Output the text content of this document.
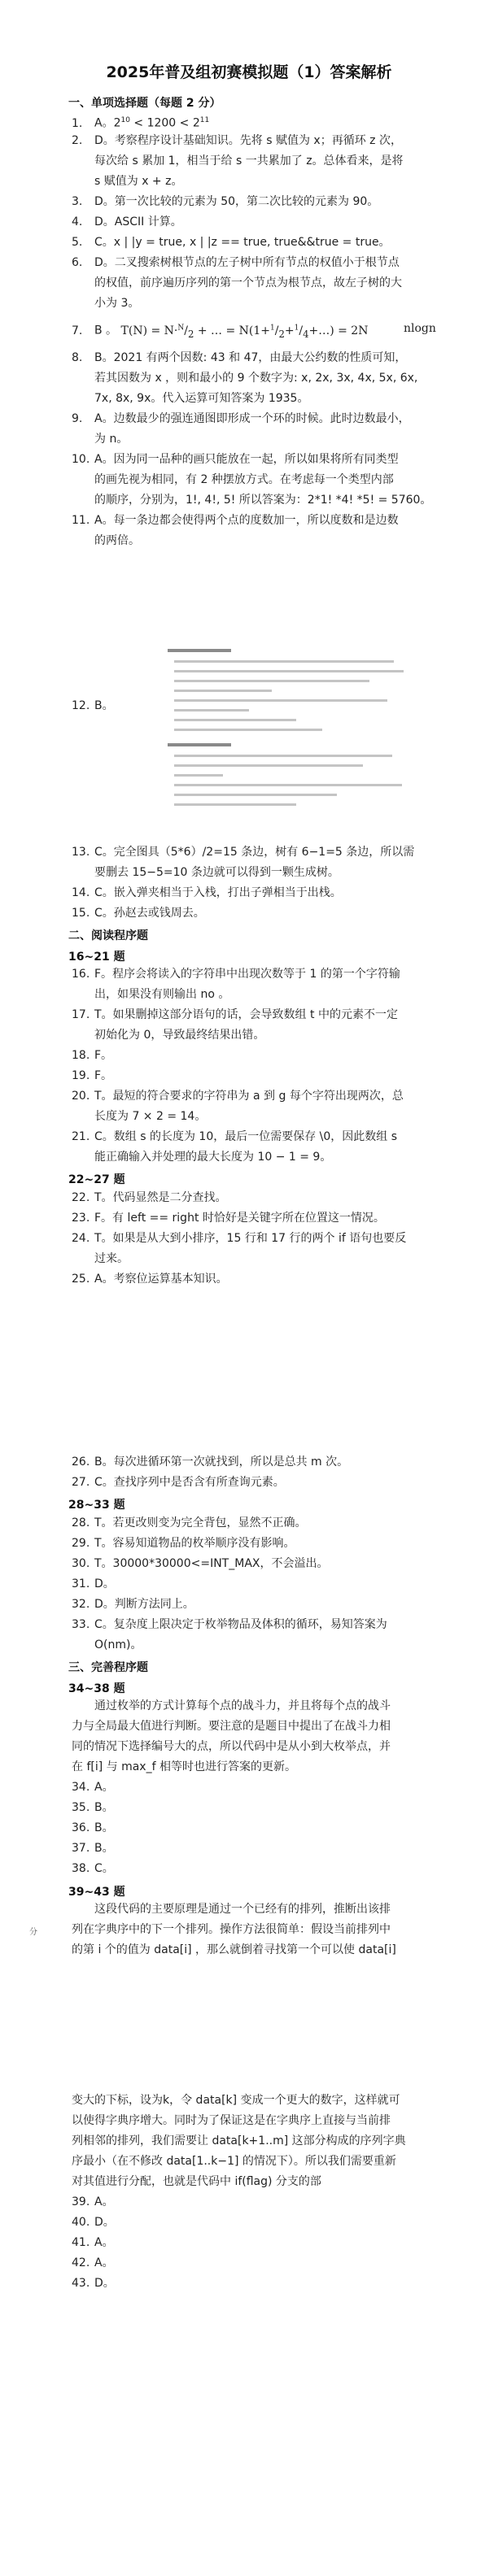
2025年普及组初赛模拟题（1）答案解析
一、单项选择题（每题 2 分）
1. A。$2^{10} < 1200 < 2^{11}$
2. D。考察程序设计基础知识。先将 s 赋值为 x；再循环 z 次，
每次给 s 累加 1，相当于给 s 一共累加了 z。总体看来，是将
s 赋值为 x + z。
3. D。第一次比较的元素为 50，第二次比较的元素为 90。
4. D。ASCII 计算。
5. C。x | |y = true, x | |z == true, true&&true = true。
6. D。二叉搜索树根节点的左子树中所有节点的权值小于根节点
的权值，前序遍历序列的第一个节点为根节点，故左子树的大
小为 3。
7. B 。 $T(N) = N\cdot^N/_2$ + … = $N(1+^1/_2+^1/_4+\dots) = 2N$	nlogn
8. B。2021 有两个因数: 43 和 47，由最大公约数的性质可知，
若其因数为 x ，则和最小的 9 个数字为: x, 2x, 3x, 4x, 5x, 6x,
7x, 8x, 9x。代入运算可知答案为 1935。
9. A。边数最少的强连通图即形成一个环的时候。此时边数最小，
为 n。
10. A。因为同一品种的画只能放在一起，所以如果将所有同类型
的画先视为相同，有 2 种摆放方式。在考虑每一个类型内部
的顺序，分别为，1!, 4!, 5! 所以答案为：2*1! *4! *5! = 5760。
11. A。每一条边都会使得两个点的度数加一，所以度数和是边数
的两倍。
12. B。
13. C。完全图具（5*6）/2=15 条边，树有 6−1=5 条边，所以需
要删去 15−5=10 条边就可以得到一颗生成树。
14. C。嵌入弹夹相当于入栈，打出子弹相当于出栈。
15. C。孙赵去或钱周去。
二、阅读程序题
16~21 题
16. F。程序会将读入的字符串中出现次数等于 1 的第一个字符输
出，如果没有则输出 no 。
17. T。如果删掉这部分语句的话，会导致数组 t 中的元素不一定
初始化为 0，导致最终结果出错。
18. F。
19. F。
20. T。最短的符合要求的字符串为 a 到 g 每个字符出现两次，总
长度为 7 × 2 = 14。
21. C。数组 s 的长度为 10，最后一位需要保存 \0，因此数组 s
能正确输入并处理的最大长度为 10 − 1 = 9。
22~27 题
22. T。代码显然是二分查找。
23. F。有 left == right 时恰好是关键字所在位置这一情况。
24. T。如果是从大到小排序，15 行和 17 行的两个 if 语句也要反
过来。
25. A。考察位运算基本知识。
26. B。每次进循环第一次就找到，所以是总共 m 次。
27. C。查找序列中是否含有所查询元素。
28~33 题
28. T。若更改则变为完全背包，显然不正确。
29. T。容易知道物品的枚举顺序没有影响。
30. T。30000*30000<=INT_MAX，不会溢出。
31. D。
32. D。判断方法同上。
33. C。复杂度上限决定于枚举物品及体积的循环，易知答案为
O(nm)。
三、完善程序题
34~38 题
通过枚举的方式计算每个点的战斗力，并且将每个点的战斗
力与全局最大值进行判断。要注意的是题目中提出了在战斗力相
同的情况下选择编号大的点，所以代码中是从小到大枚举点，并
在 f[i] 与 max_f 相等时也进行答案的更新。
34. A。
35. B。
36. B。
37. B。
38. C。
39~43 题
这段代码的主要原理是通过一个已经有的排列，推断出该排
列在字典序中的下一个排列。操作方法很简单：假设当前排列中
的第 i 个的值为 data[i] ，那么就倒着寻找第一个可以使 data[i]
分
变大的下标，设为k，令 data[k] 变成一个更大的数字，这样就可
以使得字典序增大。同时为了保证这是在字典序上直接与当前排
列相邻的排列，我们需要让 data[k+1..m] 这部分构成的序列字典
序最小（在不修改 data[1..k−1] 的情况下）。所以我们需要重新
对其值进行分配，也就是代码中 if(flag) 分支的部
39. A。
40. D。
41. A。
42. A。
43. D。
